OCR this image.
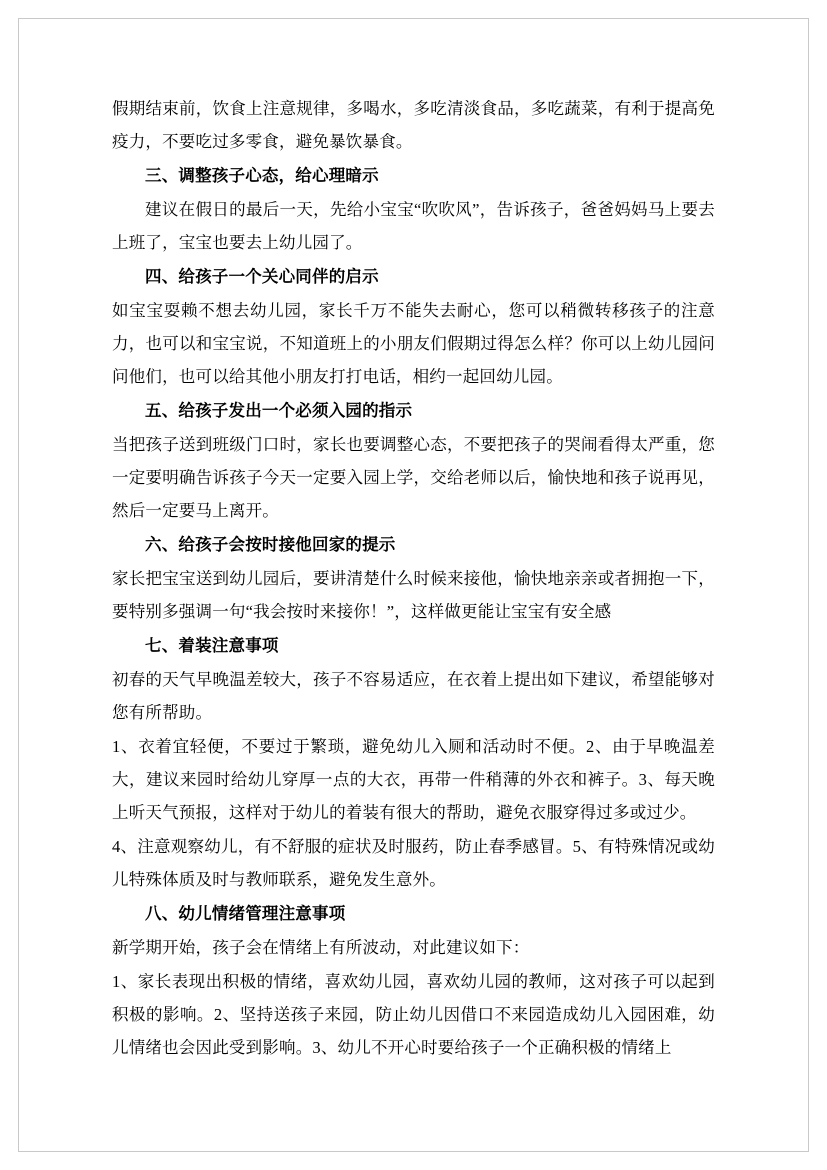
假期结束前，饮食上注意规律，多喝水，多吃清淡食品，多吃蔬菜，有利于提高免疫力，不要吃过多零食，避免暴饮暴食。

三、调整孩子心态，给心理暗示

建议在假日的最后一天，先给小宝宝“吹吹风”，告诉孩子，爸爸妈妈马上要去上班了，宝宝也要去上幼儿园了。

四、给孩子一个关心同伴的启示

如宝宝耍赖不想去幼儿园，家长千万不能失去耐心，您可以稍微转移孩子的注意力，也可以和宝宝说，不知道班上的小朋友们假期过得怎么样？你可以上幼儿园问问他们，也可以给其他小朋友打打电话，相约一起回幼儿园。

五、给孩子发出一个必须入园的指示

当把孩子送到班级门口时，家长也要调整心态，不要把孩子的哭闹看得太严重，您一定要明确告诉孩子今天一定要入园上学，交给老师以后，愉快地和孩子说再见，然后一定要马上离开。

六、给孩子会按时接他回家的提示

家长把宝宝送到幼儿园后，要讲清楚什么时候来接他，愉快地亲亲或者拥抱一下，要特别多强调一句“我会按时来接你！”，这样做更能让宝宝有安全感

七、着装注意事项

初春的天气早晚温差较大，孩子不容易适应，在衣着上提出如下建议，希望能够对您有所帮助。

1、衣着宜轻便，不要过于繁琐，避免幼儿入厕和活动时不便。2、由于早晚温差大，建议来园时给幼儿穿厚一点的大衣，再带一件稍薄的外衣和裤子。3、每天晚上听天气预报，这样对于幼儿的着装有很大的帮助，避免衣服穿得过多或过少。

4、注意观察幼儿，有不舒服的症状及时服药，防止春季感冒。5、有特殊情况或幼儿特殊体质及时与教师联系，避免发生意外。

八、幼儿情绪管理注意事项

新学期开始，孩子会在情绪上有所波动，对此建议如下：

1、家长表现出积极的情绪，喜欢幼儿园，喜欢幼儿园的教师，这对孩子可以起到积极的影响。2、坚持送孩子来园，防止幼儿因借口不来园造成幼儿入园困难，幼儿情绪也会因此受到影响。3、幼儿不开心时要给孩子一个正确积极的情绪上
